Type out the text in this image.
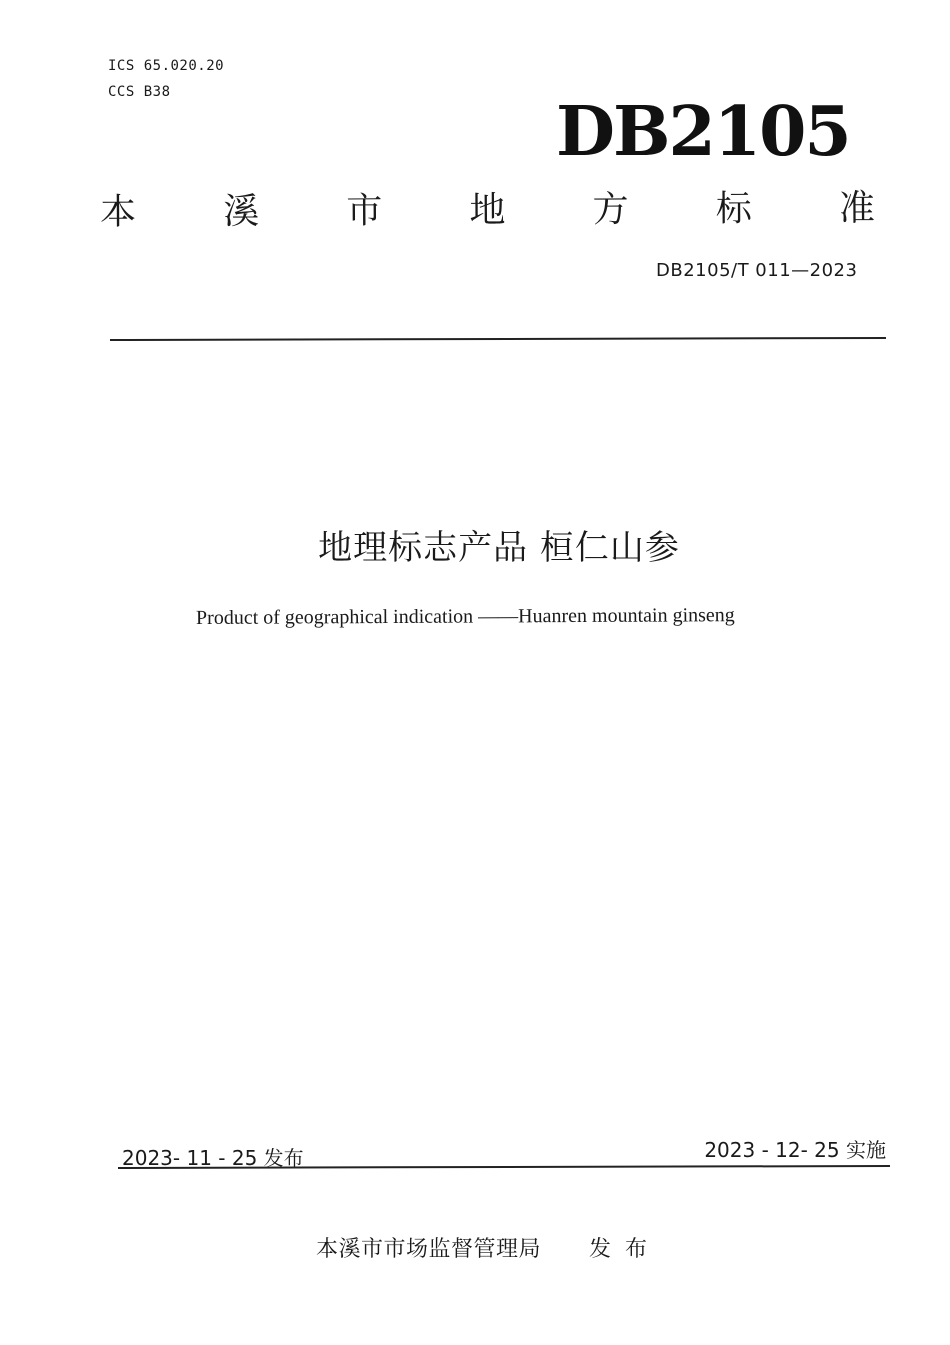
ICS 65.020.20
CCS B38	DB2105
本 溪 市 地 方 标 准
DB2105/T 011—2023
地理标志产品 桓仁山参
Product of geographical indication ——Huanren mountain ginseng
2023- 11 - 25 发布	2023 - 12- 25 实施
本溪市市场监督管理局 发布
